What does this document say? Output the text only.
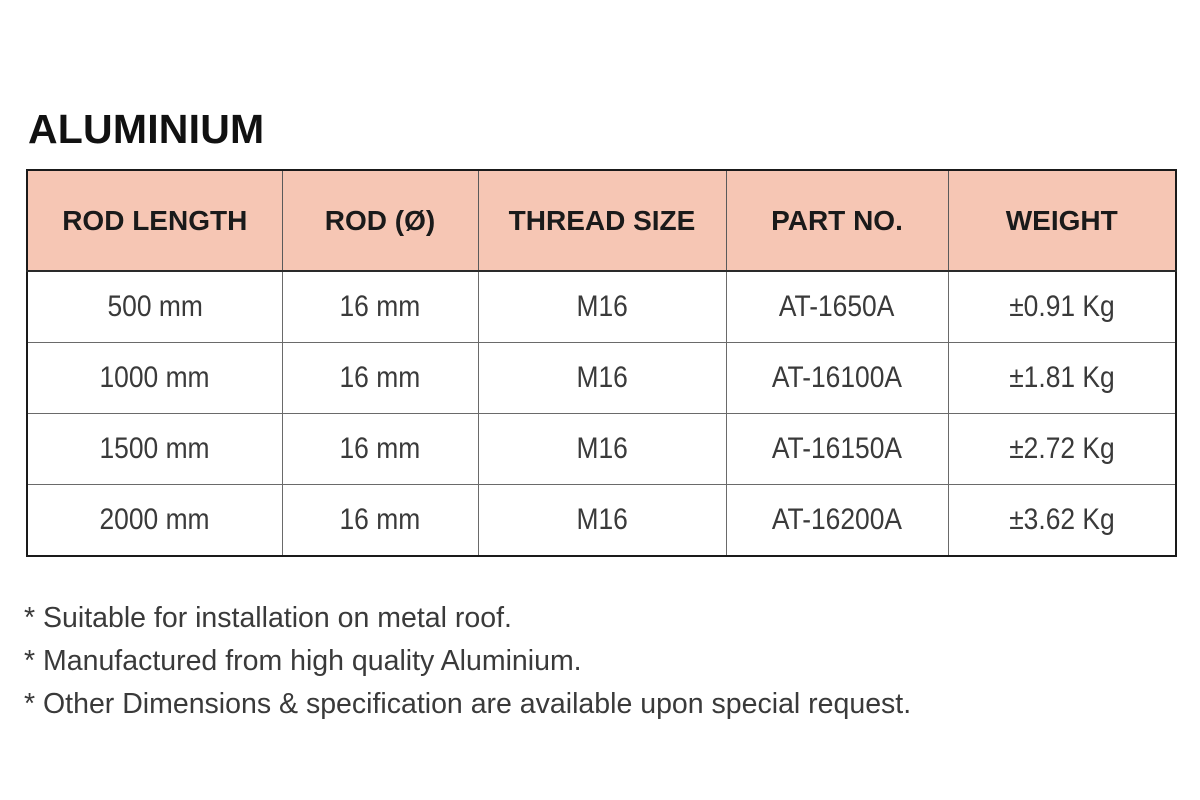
ALUMINIUM
ROD LENGTH	ROD (Ø)	THREAD SIZE	PART NO.	WEIGHT
500 mm	16 mm	M16	AT-1650A	±0.91 Kg
1000 mm	16 mm	M16	AT-16100A	±1.81 Kg
1500 mm	16 mm	M16	AT-16150A	±2.72 Kg
2000 mm	16 mm	M16	AT-16200A	±3.62 Kg
* Suitable for installation on metal roof.
* Manufactured from high quality Aluminium.
* Other Dimensions & specification are available upon special request.
